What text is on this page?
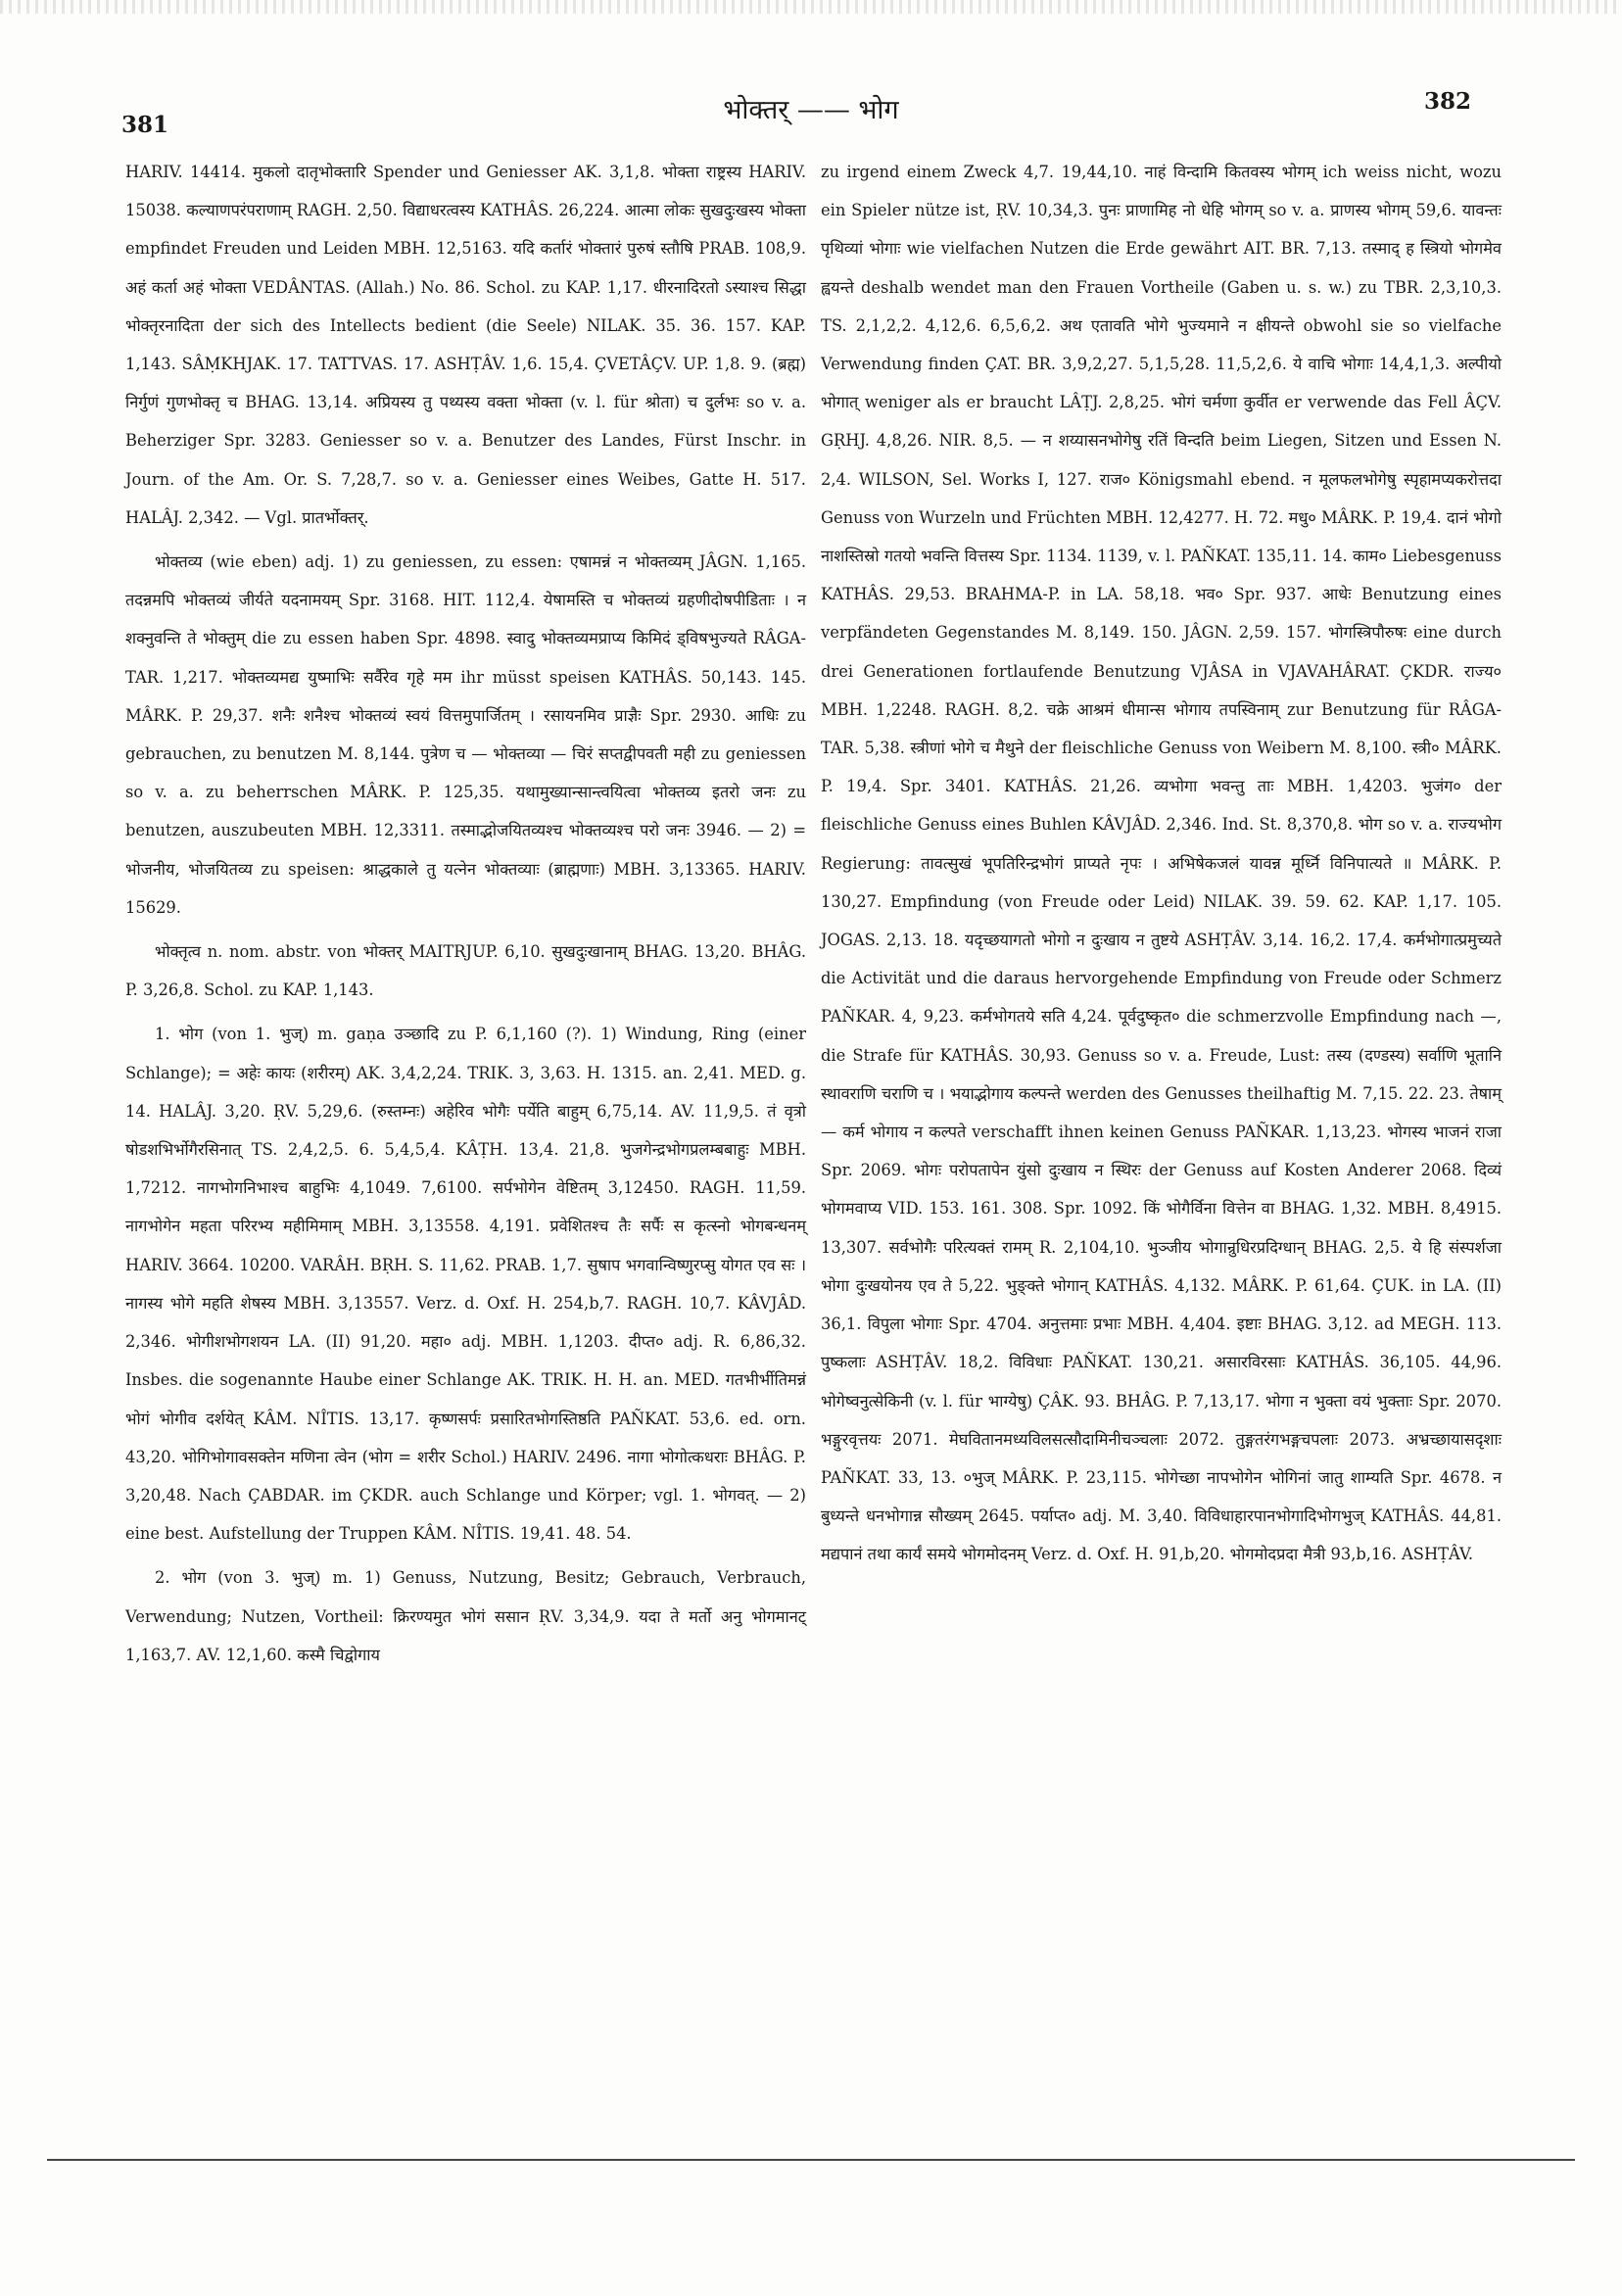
381	भोक्तर् —— भोग	382

HARIV. 14414. मुकलो दातृभोक्तारि Spender und Geniesser AK. 3,1,8. भोक्ता राष्ट्रस्य HARIV. 15038. कल्याणपरंपराणाम् RAGH. 2,50. विद्याधरत्वस्य KATHÂS. 26,224. आत्मा लोकः सुखदुःखस्य भोक्ता empfindet Freuden und Leiden MBH. 12,5163. यदि कर्तारं भोक्तारं पुरुषं स्तौषि PRAB. 108,9. अहं कर्ता अहं भोक्ता VEDÂNTAS. (Allah.) No. 86. Schol. zu KAP. 1,17. धीरनादिरतो ऽस्याश्च सिद्धा भोक्तृरनादिता der sich des Intellects bedient (die Seele) NILAK. 35. 36. 157. KAP. 1,143. SÂṂKHJAK. 17. TATTVAS. 17. ASHṬÂV. 1,6. 15,4. ÇVETÂÇV. UP. 1,8. 9. (ब्रह्म) निर्गुणं गुणभोक्तृ च BHAG. 13,14. अप्रियस्य तु पथ्यस्य वक्ता भोक्ता (v. l. für श्रोता) च दुर्लभः so v. a. Beherziger Spr. 3283. Geniesser so v. a. Benutzer des Landes, Fürst Inschr. in Journ. of the Am. Or. S. 7,28,7. so v. a. Geniesser eines Weibes, Gatte H. 517. HALÂJ. 2,342. — Vgl. प्रातर्भोक्तर्.

भोक्तव्य (wie eben) adj. 1) zu geniessen, zu essen: एषामन्नं न भोक्तव्यम् JÂGN. 1,165. तदन्नमपि भोक्तव्यं जीर्यते यदनामयम् Spr. 3168. HIT. 112,4. येषामस्ति च भोक्तव्यं ग्रहणीदोषपीडिताः । न शक्नुवन्ति ते भोक्तुम् die zu essen haben Spr. 4898. स्वादु भोक्तव्यमप्राप्य किमिदं ड्विषभुज्यते RÂGA-TAR. 1,217. भोक्तव्यमद्य युष्माभिः सर्वैरेव गृहे मम ihr müsst speisen KATHÂS. 50,143. 145. MÂRK. P. 29,37. शनैः शनैश्च भोक्तव्यं स्वयं वित्तमुपार्जितम् । रसायनमिव प्राज्ञैः Spr. 2930. आधिः zu gebrauchen, zu benutzen M. 8,144. पुत्रेण च — भोक्तव्या — चिरं सप्तद्वीपवती मही zu geniessen so v. a. zu beherrschen MÂRK. P. 125,35. यथामुख्यान्सान्त्वयित्वा भोक्तव्य इतरो जनः zu benutzen, auszubeuten MBH. 12,3311. तस्माद्भोजयितव्यश्च भोक्तव्यश्च परो जनः 3946. — 2) = भोजनीय, भोजयितव्य zu speisen: श्राद्धकाले तु यत्नेन भोक्तव्याः (ब्राह्मणाः) MBH. 3,13365. HARIV. 15629.

भोक्तृत्व n. nom. abstr. von भोक्तर् MAITRJUP. 6,10. सुखदुःखानाम् BHAG. 13,20. BHÂG. P. 3,26,8. Schol. zu KAP. 1,143.

1. भोग (von 1. भुज्) m. gaṇa उञ्छादि zu P. 6,1,160 (?). 1) Windung, Ring (einer Schlange); = अहेः कायः (शरीरम्) AK. 3,4,2,24. TRIK. 3, 3,63. H. 1315. an. 2,41. MED. g. 14. HALÂJ. 3,20. ṚV. 5,29,6. (रुस्तम्नः) अहेरिव भोगैः पर्येति बाहुम् 6,75,14. AV. 11,9,5. तं वृत्रो षोडशभिर्भोगैरसिनात् TS. 2,4,2,5. 6. 5,4,5,4. KÂṬH. 13,4. 21,8. भुजगेन्द्रभोगप्रलम्बबाहुः MBH. 1,7212. नागभोगनिभाश्च बाहुभिः 4,1049. 7,6100. सर्पभोगेन वेष्टितम् 3,12450. RAGH. 11,59. नागभोगेन महता परिरभ्य महीमिमाम् MBH. 3,13558. 4,191. प्रवेशितश्च तैः सर्पैः स कृत्स्नो भोगबन्धनम् HARIV. 3664. 10200. VARÂH. BṚH. S. 11,62. PRAB. 1,7. सुषाप भगवान्विष्णुरप्सु योगत एव सः । नागस्य भोगे महति शेषस्य MBH. 3,13557. Verz. d. Oxf. H. 254,b,7. RAGH. 10,7. KÂVJÂD. 2,346. भोगीशभोगशयन LA. (II) 91,20. महा० adj. MBH. 1,1203. दीप्त० adj. R. 6,86,32. Insbes. die sogenannte Haube einer Schlange AK. TRIK. H. H. an. MED. गतभीर्भीतिमन्नं भोगं भोगीव दर्शयेत् KÂM. NÎTIS. 13,17. कृष्णसर्पः प्रसारितभोगस्तिष्ठति PAÑKAT. 53,6. ed. orn. 43,20. भोगिभोगावसक्तेन मणिना त्वेन (भोग = शरीर Schol.) HARIV. 2496. नागा भोगोत्कधराः BHÂG. P. 3,20,48. Nach ÇABDAR. im ÇKDR. auch Schlange und Körper; vgl. 1. भोगवत्. — 2) eine best. Aufstellung der Truppen KÂM. NÎTIS. 19,41. 48. 54.

2. भोग (von 3. भुज्) m. 1) Genuss, Nutzung, Besitz; Gebrauch, Verbrauch, Verwendung; Nutzen, Vortheil: क्रिरण्यमुत भोगं ससान ṚV. 3,34,9. यदा ते मर्तो अनु भोगमानट् 1,163,7. AV. 12,1,60. कस्मै चिद्वोगाय

zu irgend einem Zweck 4,7. 19,44,10. नाहं विन्दामि कितवस्य भोगम् ich weiss nicht, wozu ein Spieler nütze ist, ṚV. 10,34,3. पुनः प्राणामिह नो धेहि भोगम् so v. a. प्राणस्य भोगम् 59,6. यावन्तः पृथिव्यां भोगाः wie vielfachen Nutzen die Erde gewährt AIT. BR. 7,13. तस्माद् ह स्त्रियो भोगमेव ह्वयन्ते deshalb wendet man den Frauen Vortheile (Gaben u. s. w.) zu TBR. 2,3,10,3. TS. 2,1,2,2. 4,12,6. 6,5,6,2. अथ एतावति भोगे भुज्यमाने न क्षीयन्ते obwohl sie so vielfache Verwendung finden ÇAT. BR. 3,9,2,27. 5,1,5,28. 11,5,2,6. ये वाचि भोगाः 14,4,1,3. अल्पीयो भोगात् weniger als er braucht LÂṬJ. 2,8,25. भोगं चर्मणा कुर्वीत er verwende das Fell ÂÇV. GṚHJ. 4,8,26. NIR. 8,5. — न शय्यासनभोगेषु रतिं विन्दति beim Liegen, Sitzen und Essen N. 2,4. WILSON, Sel. Works I, 127. राज० Königsmahl ebend. न मूलफलभोगेषु स्पृहामप्यकरोत्तदा Genuss von Wurzeln und Früchten MBH. 12,4277. H. 72. मधु० MÂRK. P. 19,4. दानं भोगो नाशस्तिस्रो गतयो भवन्ति वित्तस्य Spr. 1134. 1139, v. l. PAÑKAT. 135,11. 14. काम० Liebesgenuss KATHÂS. 29,53. BRAHMA-P. in LA. 58,18. भव० Spr. 937. आधेः Benutzung eines verpfändeten Gegenstandes M. 8,149. 150. JÂGN. 2,59. 157. भोगस्त्रिपौरुषः eine durch drei Generationen fortlaufende Benutzung VJÂSA in VJAVAHÂRAT. ÇKDR. राज्य० MBH. 1,2248. RAGH. 8,2. चक्रे आश्रमं धीमान्स भोगाय तपस्विनाम् zur Benutzung für RÂGA-TAR. 5,38. स्त्रीणां भोगे च मैथुने der fleischliche Genuss von Weibern M. 8,100. स्त्री० MÂRK. P. 19,4. Spr. 3401. KATHÂS. 21,26. व्यभोगा भवन्तु ताः MBH. 1,4203. भुजंग० der fleischliche Genuss eines Buhlen KÂVJÂD. 2,346. Ind. St. 8,370,8. भोग so v. a. राज्यभोग Regierung: तावत्सुखं भूपतिरिन्द्रभोगं प्राप्यते नृपः । अभिषेकजलं यावन्न मूर्ध्नि विनिपात्यते ॥ MÂRK. P. 130,27. Empfindung (von Freude oder Leid) NILAK. 39. 59. 62. KAP. 1,17. 105. JOGAS. 2,13. 18. यदृच्छयागतो भोगो न दुःखाय न तुष्टये ASHṬÂV. 3,14. 16,2. 17,4. कर्मभोगात्प्रमुच्यते die Activität und die daraus hervorgehende Empfindung von Freude oder Schmerz PAÑKAR. 4, 9,23. कर्मभोगतये सति 4,24. पूर्वदुष्कृत० die schmerzvolle Empfindung nach —, die Strafe für KATHÂS. 30,93. Genuss so v. a. Freude, Lust: तस्य (दण्डस्य) सर्वाणि भूतानि स्थावराणि चराणि च । भयाद्भोगाय कल्पन्ते werden des Genusses theilhaftig M. 7,15. 22. 23. तेषाम् — कर्म भोगाय न कल्पते verschafft ihnen keinen Genuss PAÑKAR. 1,13,23. भोगस्य भाजनं राजा Spr. 2069. भोगः परोपतापेन युंसो दुःखाय न स्थिरः der Genuss auf Kosten Anderer 2068. दिव्यं भोगमवाप्य VID. 153. 161. 308. Spr. 1092. किं भोगैर्विना वित्तेन वा BHAG. 1,32. MBH. 8,4915. 13,307. सर्वभोगैः परित्यक्तं रामम् R. 2,104,10. भुञ्जीय भोगान्रुधिरप्रदिग्धान् BHAG. 2,5. ये हि संस्पर्शजा भोगा दुःखयोनय एव ते 5,22. भुङ्क्ते भोगान् KATHÂS. 4,132. MÂRK. P. 61,64. ÇUK. in LA. (II) 36,1. विपुला भोगाः Spr. 4704. अनुत्तमाः प्रभाः MBH. 4,404. इष्टाः BHAG. 3,12. ad MEGH. 113. पुष्कलाः ASHṬÂV. 18,2. विविधाः PAÑKAT. 130,21. असारविरसाः KATHÂS. 36,105. 44,96. भोगेष्वनुत्सेकिनी (v. l. für भाग्येषु) ÇÂK. 93. BHÂG. P. 7,13,17. भोगा न भुक्ता वयं भुक्ताः Spr. 2070. भङ्गुरवृत्तयः 2071. मेघवितानमध्यविलसत्सौदामिनीचञ्चलाः 2072. तुङ्गतरंगभङ्गचपलाः 2073. अभ्रच्छायासदृशाः PAÑKAT. 33, 13. ०भुज् MÂRK. P. 23,115. भोगेच्छा नापभोगेन भोगिनां जातु शाम्यति Spr. 4678. न बुध्यन्ते धनभोगान्न सौख्यम् 2645. पर्याप्त० adj. M. 3,40. विविधाहारपानभोगादिभोगभुज् KATHÂS. 44,81. मद्यपानं तथा कार्यं समये भोगमोदनम् Verz. d. Oxf. H. 91,b,20. भोगमोदप्रदा मैत्री 93,b,16. ASHṬÂV.
